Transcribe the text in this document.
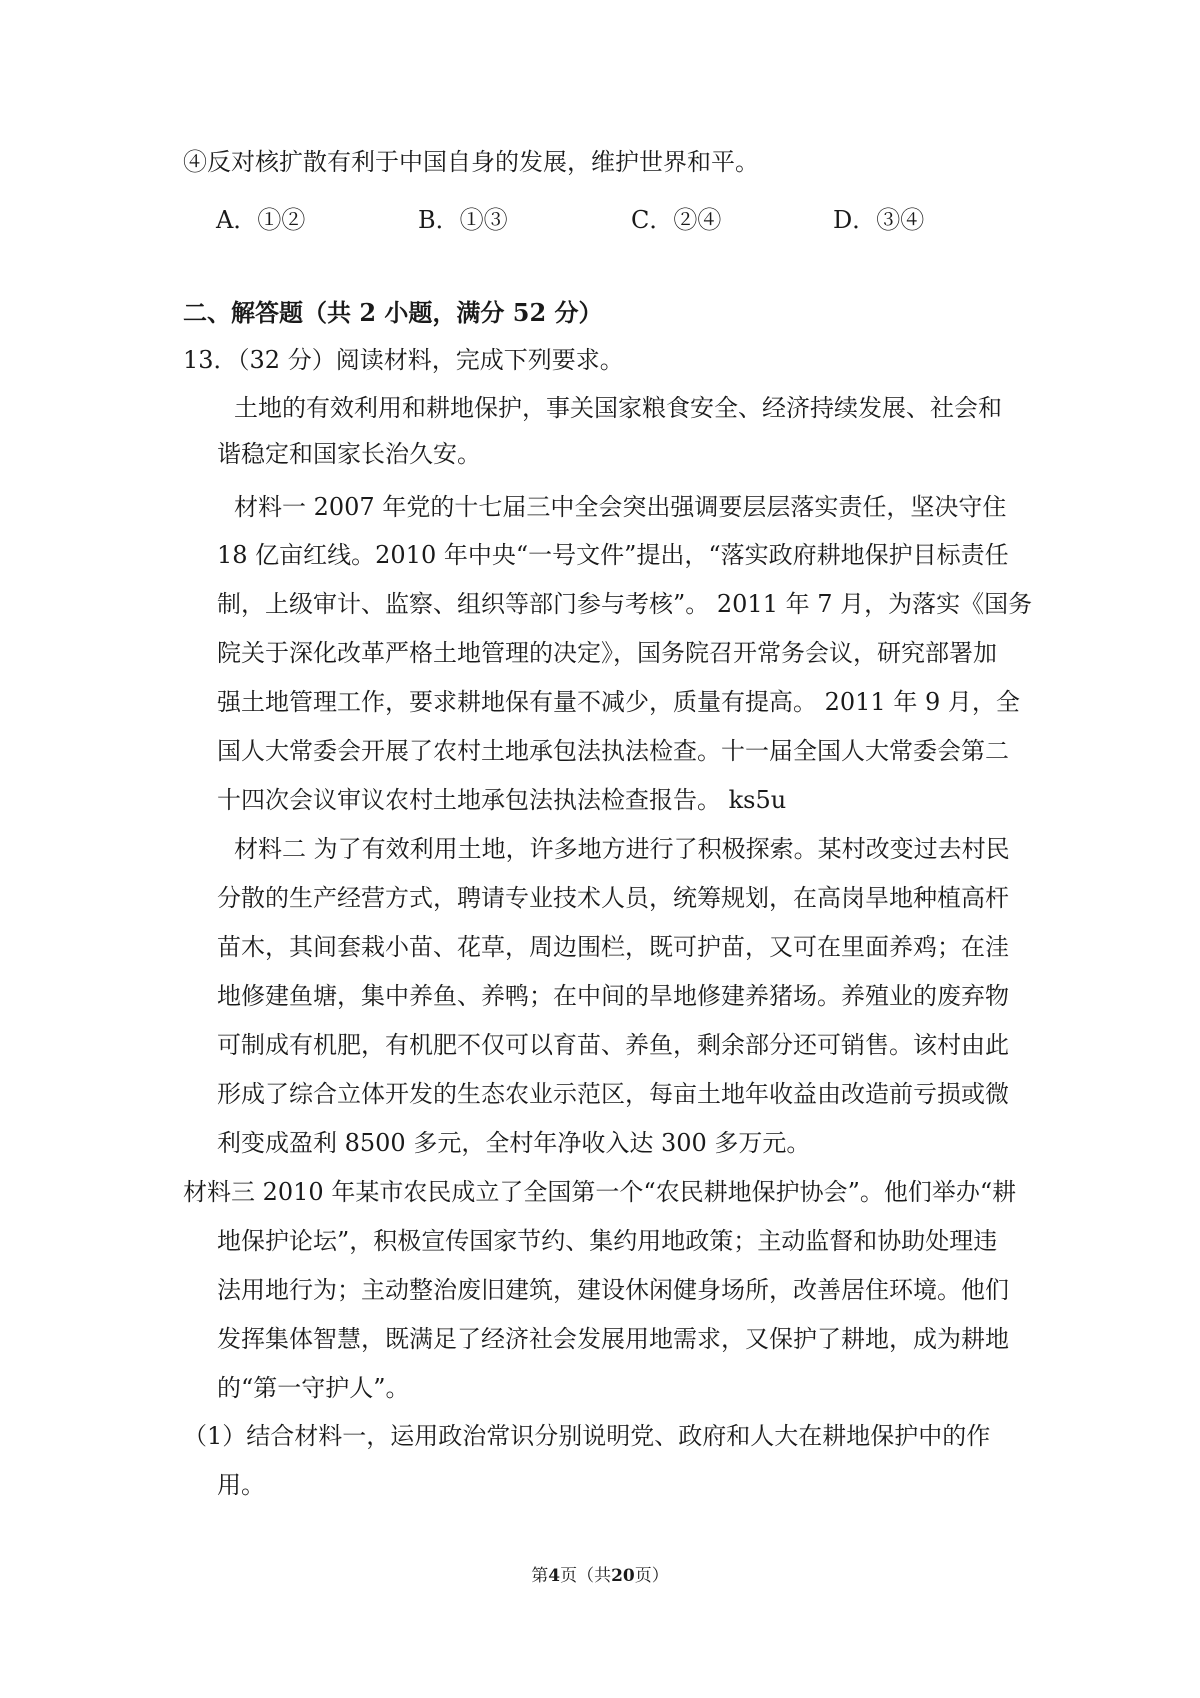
④反对核扩散有利于中国自身的发展，维护世界和平。
A．①②	B．①③	C．②④	D．③④
二、解答题（共 2 小题，满分 52 分）
13．（32 分）阅读材料，完成下列要求。
土地的有效利用和耕地保护，事关国家粮食安全、经济持续发展、社会和
谐稳定和国家长治久安。
材料一 2007 年党的十七届三中全会突出强调要层层落实责任，坚决守住
18 亿亩红线。2010 年中央“一号文件”提出，“落实政府耕地保护目标责任
制，上级审计、监察、组织等部门参与考核”。 2011 年 7 月，为落实《国务
院关于深化改革严格土地管理的决定》，国务院召开常务会议，研究部署加
强土地管理工作，要求耕地保有量不减少，质量有提高。 2011 年 9 月，全
国人大常委会开展了农村土地承包法执法检查。十一届全国人大常委会第二
十四次会议审议农村土地承包法执法检查报告。 ks5u
材料二 为了有效利用土地，许多地方进行了积极探索。某村改变过去村民
分散的生产经营方式，聘请专业技术人员，统筹规划，在高岗旱地种植高杆
苗木，其间套栽小苗、花草，周边围栏，既可护苗，又可在里面养鸡；在洼
地修建鱼塘，集中养鱼、养鸭；在中间的旱地修建养猪场。养殖业的废弃物
可制成有机肥，有机肥不仅可以育苗、养鱼，剩余部分还可销售。该村由此
形成了综合立体开发的生态农业示范区，每亩土地年收益由改造前亏损或微
利变成盈利 8500 多元，全村年净收入达 300 多万元。
材料三 2010 年某市农民成立了全国第一个“农民耕地保护协会”。他们举办“耕
地保护论坛”，积极宣传国家节约、集约用地政策；主动监督和协助处理违
法用地行为；主动整治废旧建筑，建设休闲健身场所，改善居住环境。他们
发挥集体智慧，既满足了经济社会发展用地需求，又保护了耕地，成为耕地
的“第一守护人”。
（1）结合材料一，运用政治常识分别说明党、政府和人大在耕地保护中的作
用。
第4页（共20页）
